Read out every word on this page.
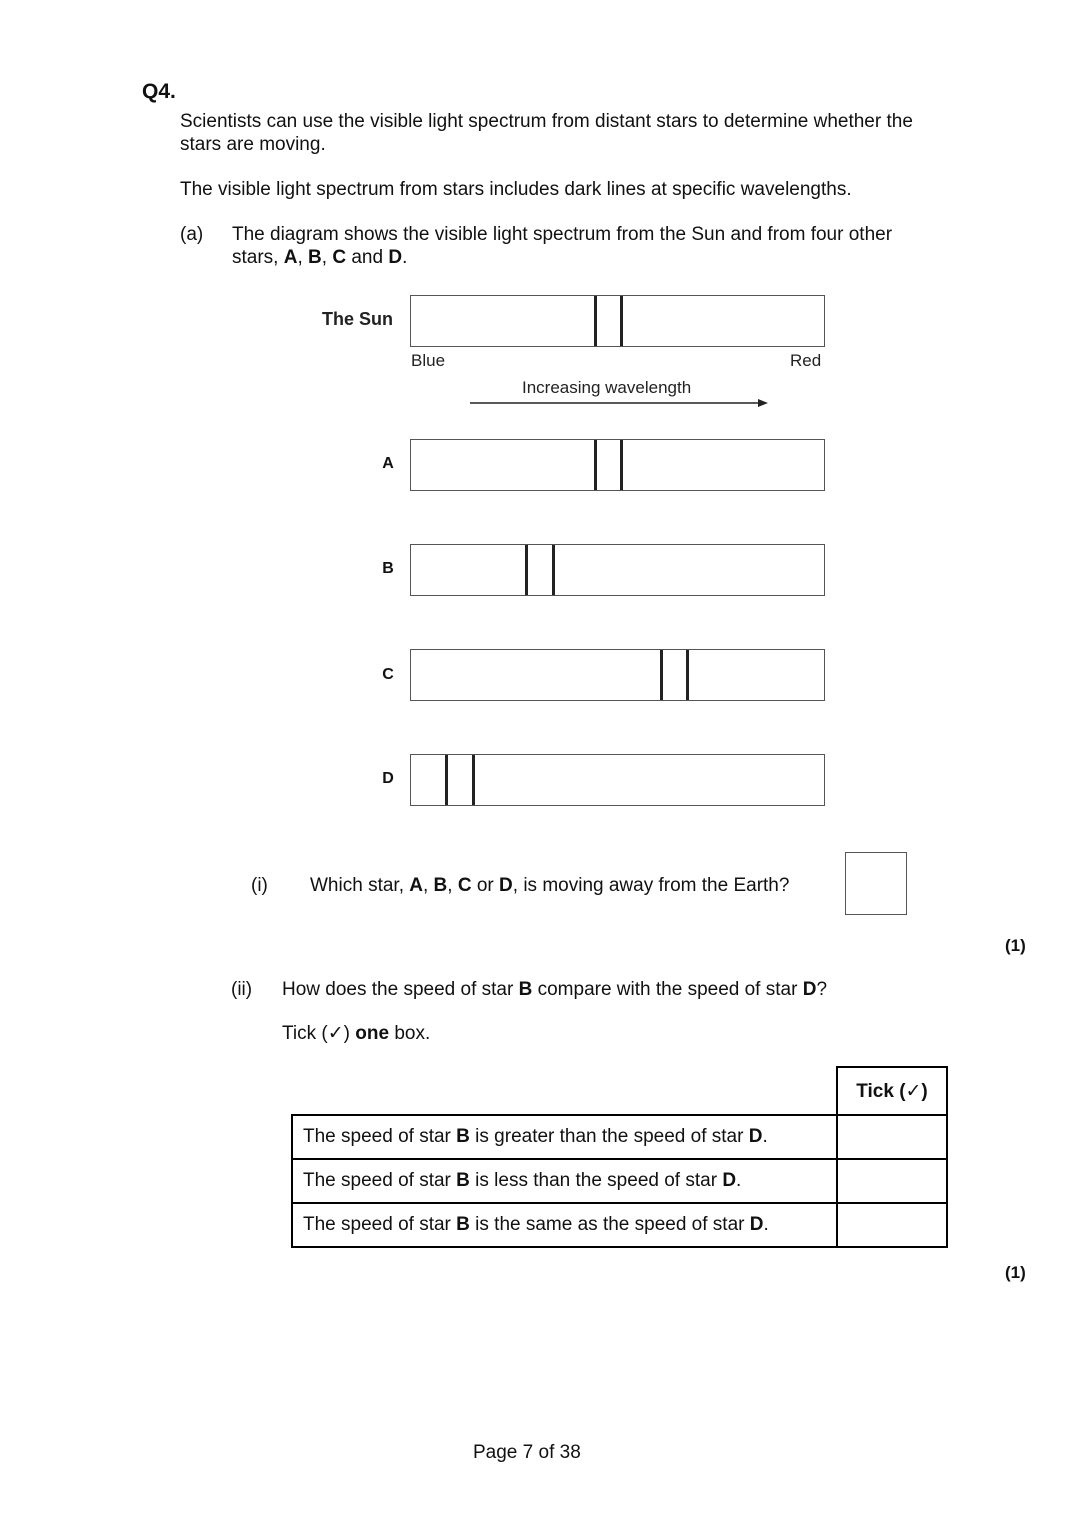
Q4.
Scientists can use the visible light spectrum from distant stars to determine whether the
stars are moving.
The visible light spectrum from stars includes dark lines at specific wavelengths.
(a) The diagram shows the visible light spectrum from the Sun and from four other
stars, A, B, C and D.
The Sun
Blue	Red
Increasing wavelength
A
B
C
D
(i) Which star, A, B, C or D, is moving away from the Earth?
(1)
(ii) How does the speed of star B compare with the speed of star D?
Tick (✓) one box.
	Tick (✓)
The speed of star B is greater than the speed of star D.	
The speed of star B is less than the speed of star D.	
The speed of star B is the same as the speed of star D.	
(1)
Page 7 of 38
